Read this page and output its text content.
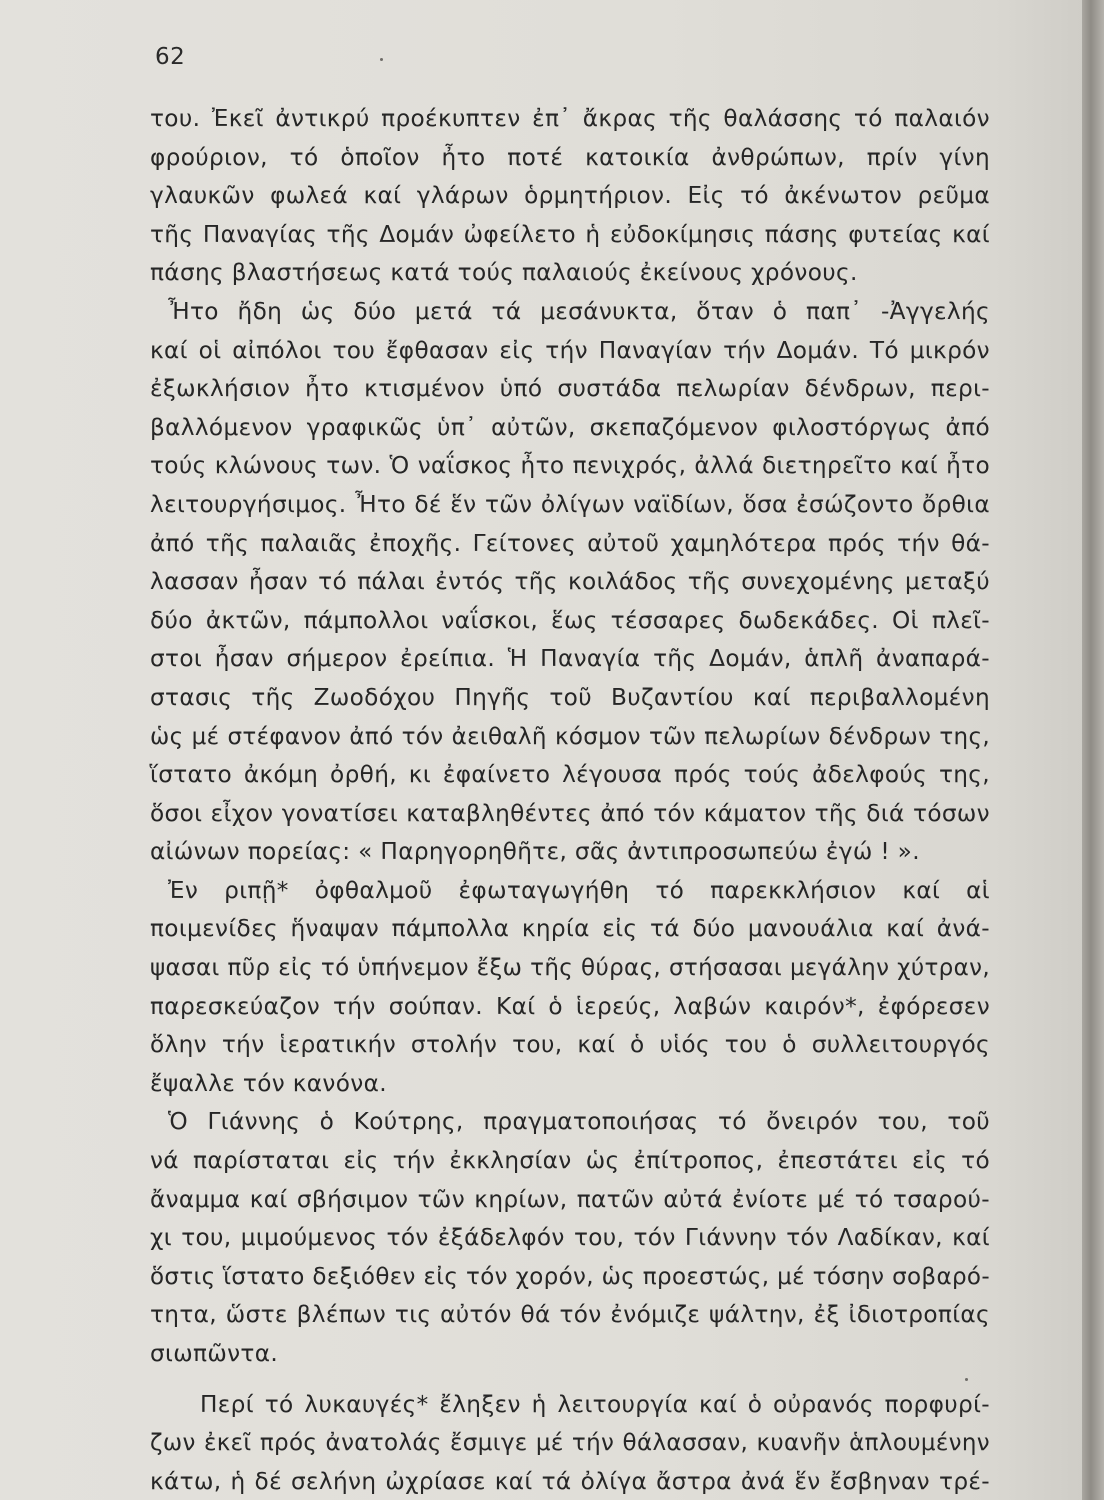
62
του. Ἐκεῖ ἀντικρύ προέκυπτεν ἐπ᾽ ἄκρας τῆς θαλάσσης τό παλαιόν
φρούριον, τό ὁποῖον ἦτο ποτέ κατοικία ἀνθρώπων, πρίν γίνη
γλαυκῶν φωλεά καί γλάρων ὁρμητήριον. Εἰς τό ἀκένωτον ρεῦμα
τῆς Παναγίας τῆς Δομάν ὠφείλετο ἡ εὐδοκίμησις πάσης φυτείας καί
πάσης βλαστήσεως κατά τούς παλαιούς ἐκείνους χρόνους.
Ἦτο ἤδη ὡς δύο μετά τά μεσάνυκτα, ὅταν ὁ παπ᾽ -Ἀγγελής
καί οἱ αἰπόλοι του ἔφθασαν εἰς τήν Παναγίαν τήν Δομάν. Τό μικρόν
ἐξωκλήσιον ἦτο κτισμένον ὑπό συστάδα πελωρίαν δένδρων, περι-
βαλλόμενον γραφικῶς ὑπ᾽ αὐτῶν, σκεπαζόμενον φιλοστόργως ἀπό
τούς κλώνους των. Ὁ ναΐσκος ἦτο πενιχρός, ἀλλά διετηρεῖτο καί ἦτο
λειτουργήσιμος. Ἦτο δέ ἕν τῶν ὀλίγων ναϊδίων, ὅσα ἐσώζοντο ὄρθια
ἀπό τῆς παλαιᾶς ἐποχῆς. Γείτονες αὐτοῦ χαμηλότερα πρός τήν θά-
λασσαν ἦσαν τό πάλαι ἐντός τῆς κοιλάδος τῆς συνεχομένης μεταξύ
δύο ἀκτῶν, πάμπολλοι ναΐσκοι, ἕως τέσσαρες δωδεκάδες. Οἱ πλεῖ-
στοι ἦσαν σήμερον ἐρείπια. Ἡ Παναγία τῆς Δομάν, ἁπλῆ ἀναπαρά-
στασις τῆς Ζωοδόχου Πηγῆς τοῦ Βυζαντίου καί περιβαλλομένη
ὡς μέ στέφανον ἀπό τόν ἀειθαλῆ κόσμον τῶν πελωρίων δένδρων της,
ἵστατο ἀκόμη ὀρθή, κι ἐφαίνετο λέγουσα πρός τούς ἀδελφούς της,
ὅσοι εἶχον γονατίσει καταβληθέντες ἀπό τόν κάματον τῆς διά τόσων
αἰώνων πορείας: « Παρηγορηθῆτε, σᾶς ἀντιπροσωπεύω ἐγώ ! ».
Ἐν ριπῇ* ὀφθαλμοῦ ἐφωταγωγήθη τό παρεκκλήσιον καί αἱ
ποιμενίδες ἥναψαν πάμπολλα κηρία εἰς τά δύο μανουάλια καί ἀνά-
ψασαι πῦρ εἰς τό ὑπήνεμον ἔξω τῆς θύρας, στήσασαι μεγάλην χύτραν,
παρεσκεύαζον τήν σούπαν. Καί ὁ ἱερεύς, λαβών καιρόν*, ἐφόρεσεν
ὅλην τήν ἱερατικήν στολήν του, καί ὁ υἱός του ὁ συλλειτουργός
ἔψαλλε τόν κανόνα.
Ὁ Γιάννης ὁ Κούτρης, πραγματοποιήσας τό ὄνειρόν του, τοῦ
νά παρίσταται εἰς τήν ἐκκλησίαν ὡς ἐπίτροπος, ἐπεστάτει εἰς τό
ἄναμμα καί σβήσιμον τῶν κηρίων, πατῶν αὐτά ἐνίοτε μέ τό τσαρού-
χι του, μιμούμενος τόν ἐξάδελφόν του, τόν Γιάννην τόν Λαδίκαν, καί
ὅστις ἵστατο δεξιόθεν εἰς τόν χορόν, ὡς προεστώς, μέ τόσην σοβαρό-
τητα, ὥστε βλέπων τις αὐτόν θά τόν ἐνόμιζε ψάλτην, ἐξ ἰδιοτροπίας
σιωπῶντα.
Περί τό λυκαυγές* ἔληξεν ἡ λειτουργία καί ὁ οὐρανός πορφυρί-
ζων ἐκεῖ πρός ἀνατολάς ἔσμιγε μέ τήν θάλασσαν, κυανῆν ἁπλουμένην
κάτω, ἡ δέ σελήνη ὠχρίασε καί τά ὀλίγα ἄστρα ἀνά ἕν ἔσβηναν τρέ-
